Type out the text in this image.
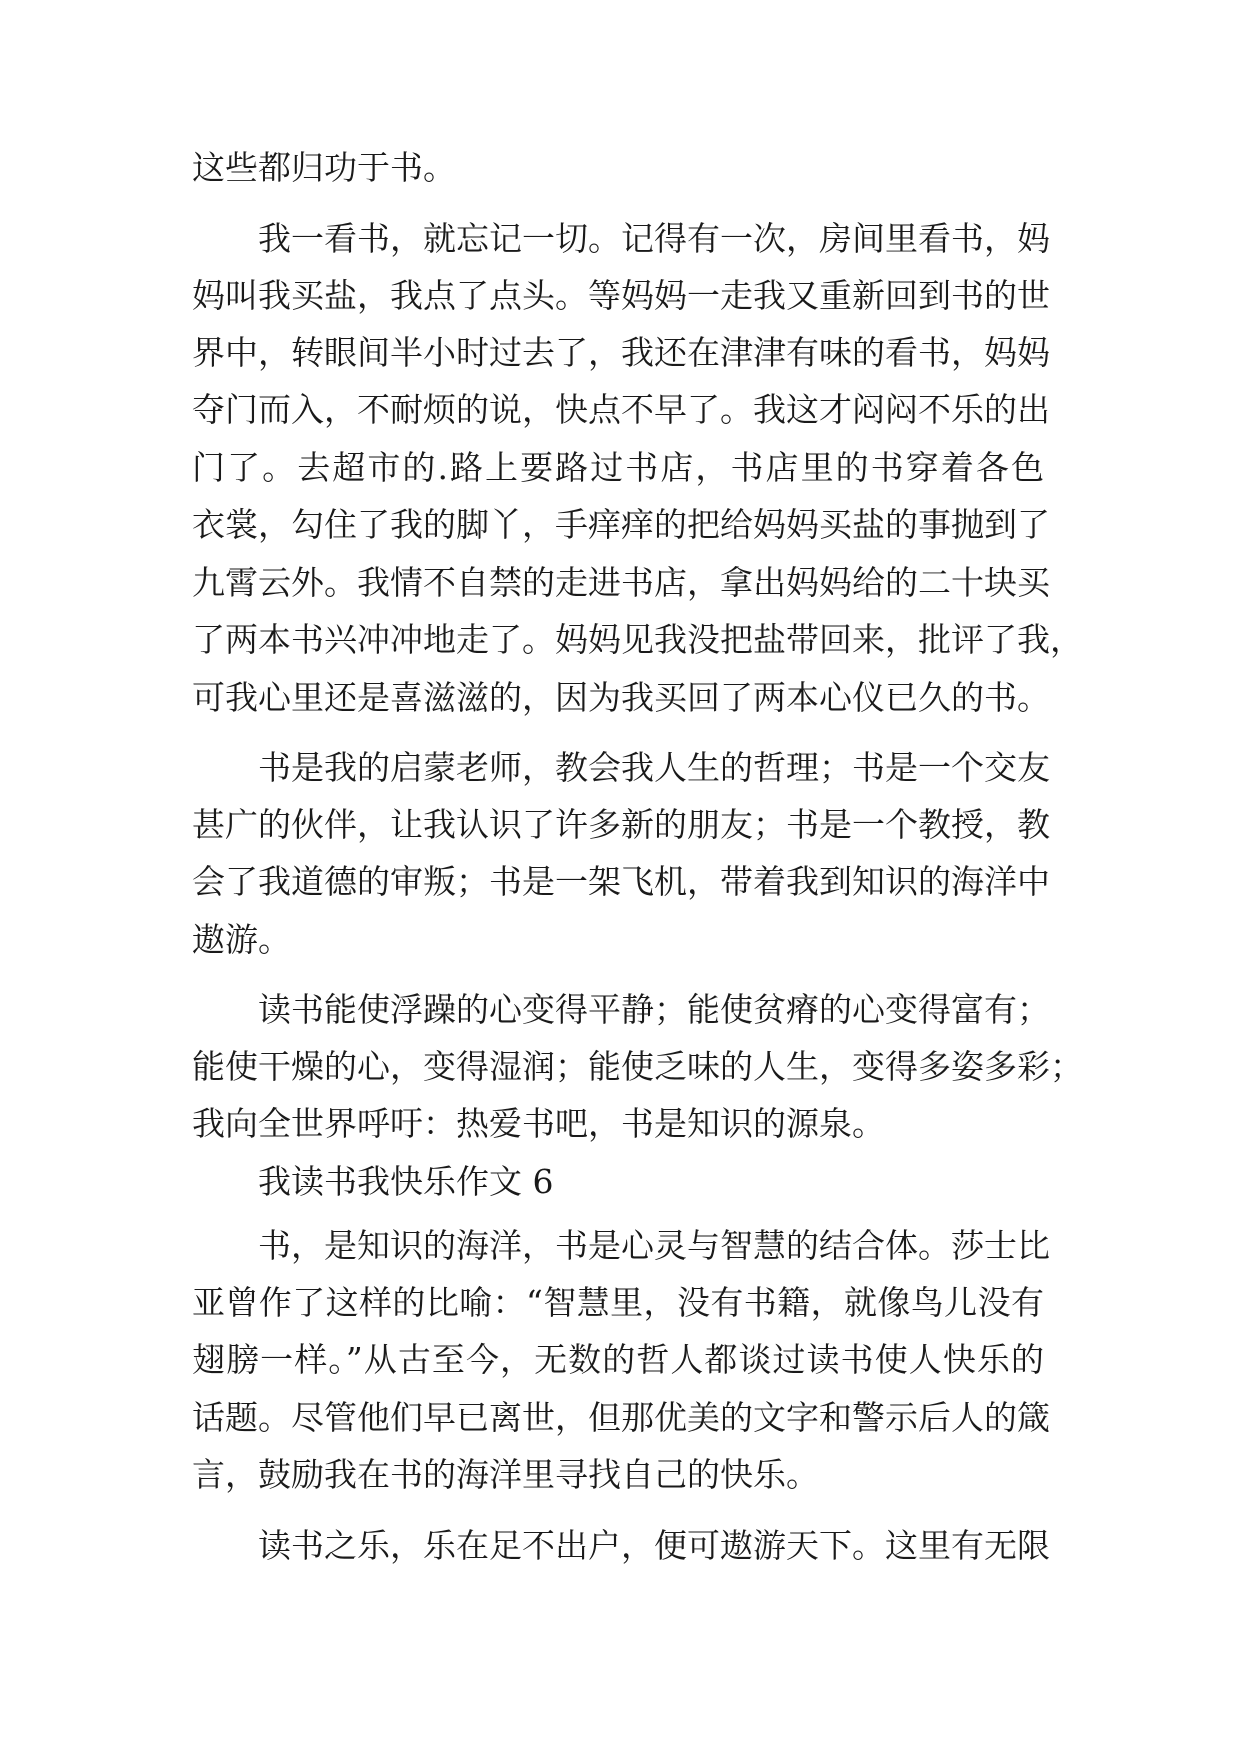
这些都归功于书。

我一看书，就忘记一切。记得有一次，房间里看书，妈

妈叫我买盐，我点了点头。等妈妈一走我又重新回到书的世

界中，转眼间半小时过去了，我还在津津有味的看书，妈妈

夺门而入，不耐烦的说，快点不早了。我这才闷闷不乐的出

门了。去超市的.路上要路过书店，书店里的书穿着各色

衣裳，勾住了我的脚丫，手痒痒的把给妈妈买盐的事抛到了

九霄云外。我情不自禁的走进书店，拿出妈妈给的二十块买

了两本书兴冲冲地走了。妈妈见我没把盐带回来，批评了我，

可我心里还是喜滋滋的，因为我买回了两本心仪已久的书。

书是我的启蒙老师，教会我人生的哲理；书是一个交友

甚广的伙伴，让我认识了许多新的朋友；书是一个教授，教

会了我道德的审叛；书是一架飞机，带着我到知识的海洋中

遨游。

读书能使浮躁的心变得平静；能使贫瘠的心变得富有；

能使干燥的心，变得湿润；能使乏味的人生，变得多姿多彩；

我向全世界呼吁：热爱书吧，书是知识的源泉。

我读书我快乐作文 6

书，是知识的海洋，书是心灵与智慧的结合体。莎士比

亚曾作了这样的比喻：“智慧里，没有书籍，就像鸟儿没有

翅膀一样。”从古至今，无数的哲人都谈过读书使人快乐的

话题。尽管他们早已离世，但那优美的文字和警示后人的箴

言，鼓励我在书的海洋里寻找自己的快乐。

读书之乐，乐在足不出户，便可遨游天下。这里有无限
